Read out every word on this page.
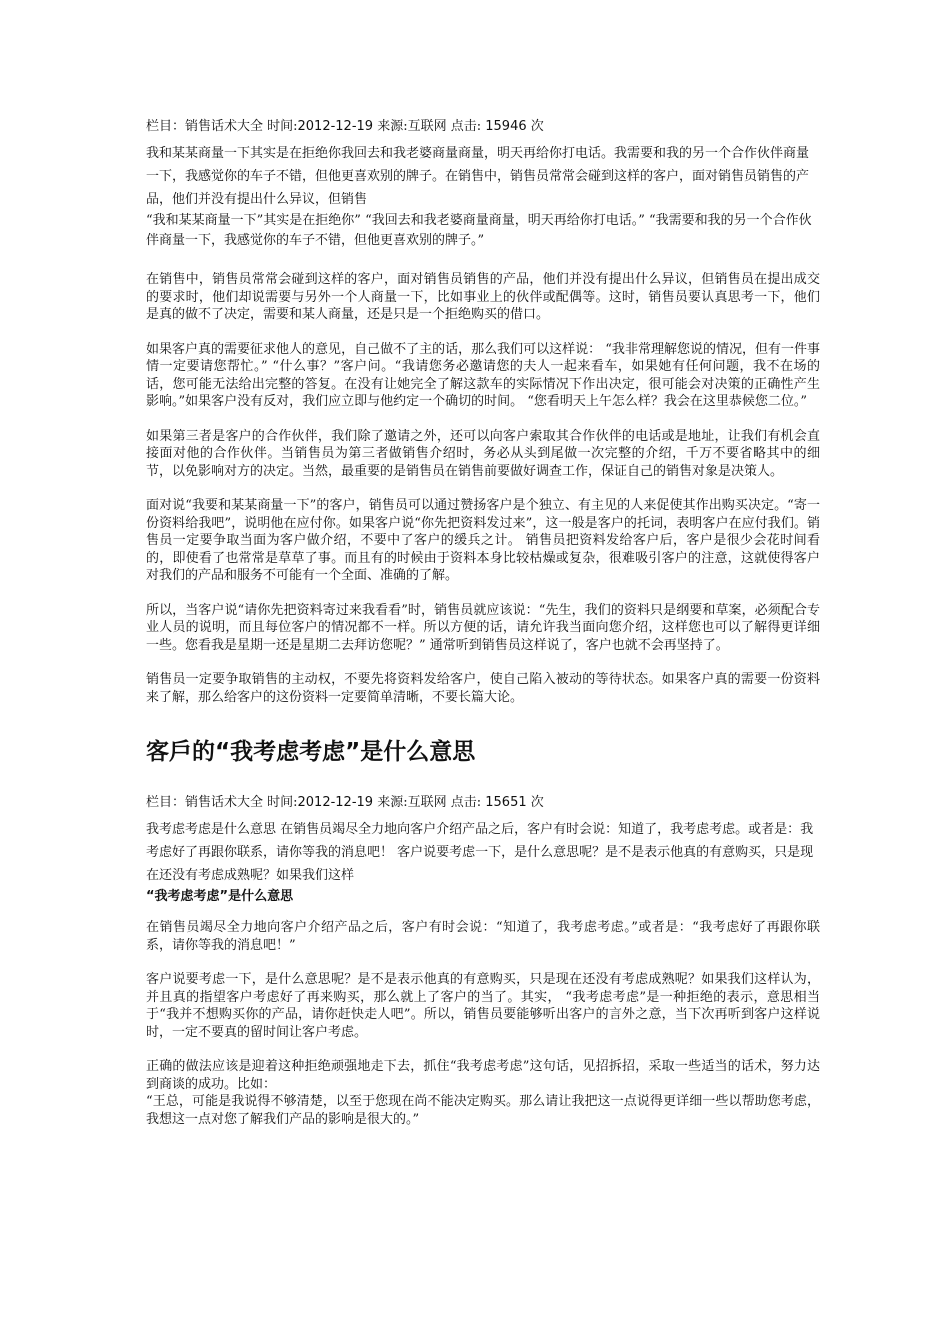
栏目：销售话术大全 时间:2012-12-19 来源:互联网 点击: 15946 次

我和某某商量一下其实是在拒绝你我回去和我老婆商量商量，明天再给你打电话。我需要和我的另一个合作伙伴商量一下，我感觉你的车子不错，但他更喜欢别的牌子。在销售中，销售员常常会碰到这样的客户，面对销售员销售的产品，他们并没有提出什么异议，但销售

“我和某某商量一下”其实是在拒绝你” “我回去和我老婆商量商量，明天再给你打电话。” “我需要和我的另一个合作伙伴商量一下，我感觉你的车子不错，但他更喜欢别的牌子。”

在销售中，销售员常常会碰到这样的客户，面对销售员销售的产品，他们并没有提出什么异议，但销售员在提出成交的要求时，他们却说需要与另外一个人商量一下，比如事业上的伙伴或配偶等。这时，销售员要认真思考一下，他们是真的做不了决定，需要和某人商量，还是只是一个拒绝购买的借口。

如果客户真的需要征求他人的意见，自己做不了主的话，那么我们可以这样说： “我非常理解您说的情况，但有一件事情一定要请您帮忙。” “什么事？”客户问。“我请您务必邀请您的夫人一起来看车，如果她有任何问题，我不在场的话，您可能无法给出完整的答复。在没有让她完全了解这款车的实际情况下作出决定，很可能会对决策的正确性产生影响。”如果客户没有反对，我们应立即与他约定一个确切的时间。 “您看明天上午怎么样？我会在这里恭候您二位。”

如果第三者是客户的合作伙伴，我们除了邀请之外，还可以向客户索取其合作伙伴的电话或是地址，让我们有机会直接面对他的合作伙伴。当销售员为第三者做销售介绍时，务必从头到尾做一次完整的介绍，千万不要省略其中的细节，以免影响对方的决定。当然，最重要的是销售员在销售前要做好调查工作，保证自己的销售对象是决策人。

面对说“我要和某某商量一下”的客户，销售员可以通过赞扬客户是个独立、有主见的人来促使其作出购买决定。“寄一份资料给我吧”，说明他在应付你。如果客户说“你先把资料发过来”，这一般是客户的托词，表明客户在应付我们。销售员一定要争取当面为客户做介绍，不要中了客户的缓兵之计。 销售员把资料发给客户后，客户是很少会花时间看的，即使看了也常常是草草了事。而且有的时候由于资料本身比较枯燥或复杂，很难吸引客户的注意，这就使得客户对我们的产品和服务不可能有一个全面、准确的了解。

所以，当客户说“请你先把资料寄过来我看看”时，销售员就应该说：“先生，我们的资料只是纲要和草案，必须配合专业人员的说明，而且每位客户的情况都不一样。所以方便的话，请允许我当面向您介绍，这样您也可以了解得更详细一些。您看我是星期一还是星期二去拜访您呢？” 通常听到销售员这样说了，客户也就不会再坚持了。

销售员一定要争取销售的主动权，不要先将资料发给客户，使自己陷入被动的等待状态。如果客户真的需要一份资料来了解，那么给客户的这份资料一定要简单清晰，不要长篇大论。

客戶的“我考虑考虑”是什么意思

栏目：销售话术大全 时间:2012-12-19 来源:互联网 点击: 15651 次

我考虑考虑是什么意思 在销售员竭尽全力地向客户介绍产品之后，客户有时会说：知道了，我考虑考虑。或者是：我考虑好了再跟你联系，请你等我的消息吧！ 客户说要考虑一下，是什么意思呢？是不是表示他真的有意购买，只是现在还没有考虑成熟呢？如果我们这样

“我考虑考虑”是什么意思

在销售员竭尽全力地向客户介绍产品之后，客户有时会说：“知道了，我考虑考虑。”或者是：“我考虑好了再跟你联系，请你等我的消息吧！”

客户说要考虑一下，是什么意思呢？是不是表示他真的有意购买，只是现在还没有考虑成熟呢？如果我们这样认为，并且真的指望客户考虑好了再来购买，那么就上了客户的当了。其实， “我考虑考虑”是一种拒绝的表示，意思相当于“我并不想购买你的产品，请你赶快走人吧”。所以，销售员要能够听出客户的言外之意，当下次再听到客户这样说时，一定不要真的留时间让客户考虑。

正确的做法应该是迎着这种拒绝顽强地走下去，抓住“我考虑考虑”这句话，见招拆招，采取一些适当的话术，努力达到商谈的成功。比如：

“王总，可能是我说得不够清楚，以至于您现在尚不能决定购买。那么请让我把这一点说得更详细一些以帮助您考虑，我想这一点对您了解我们产品的影响是很大的。”
